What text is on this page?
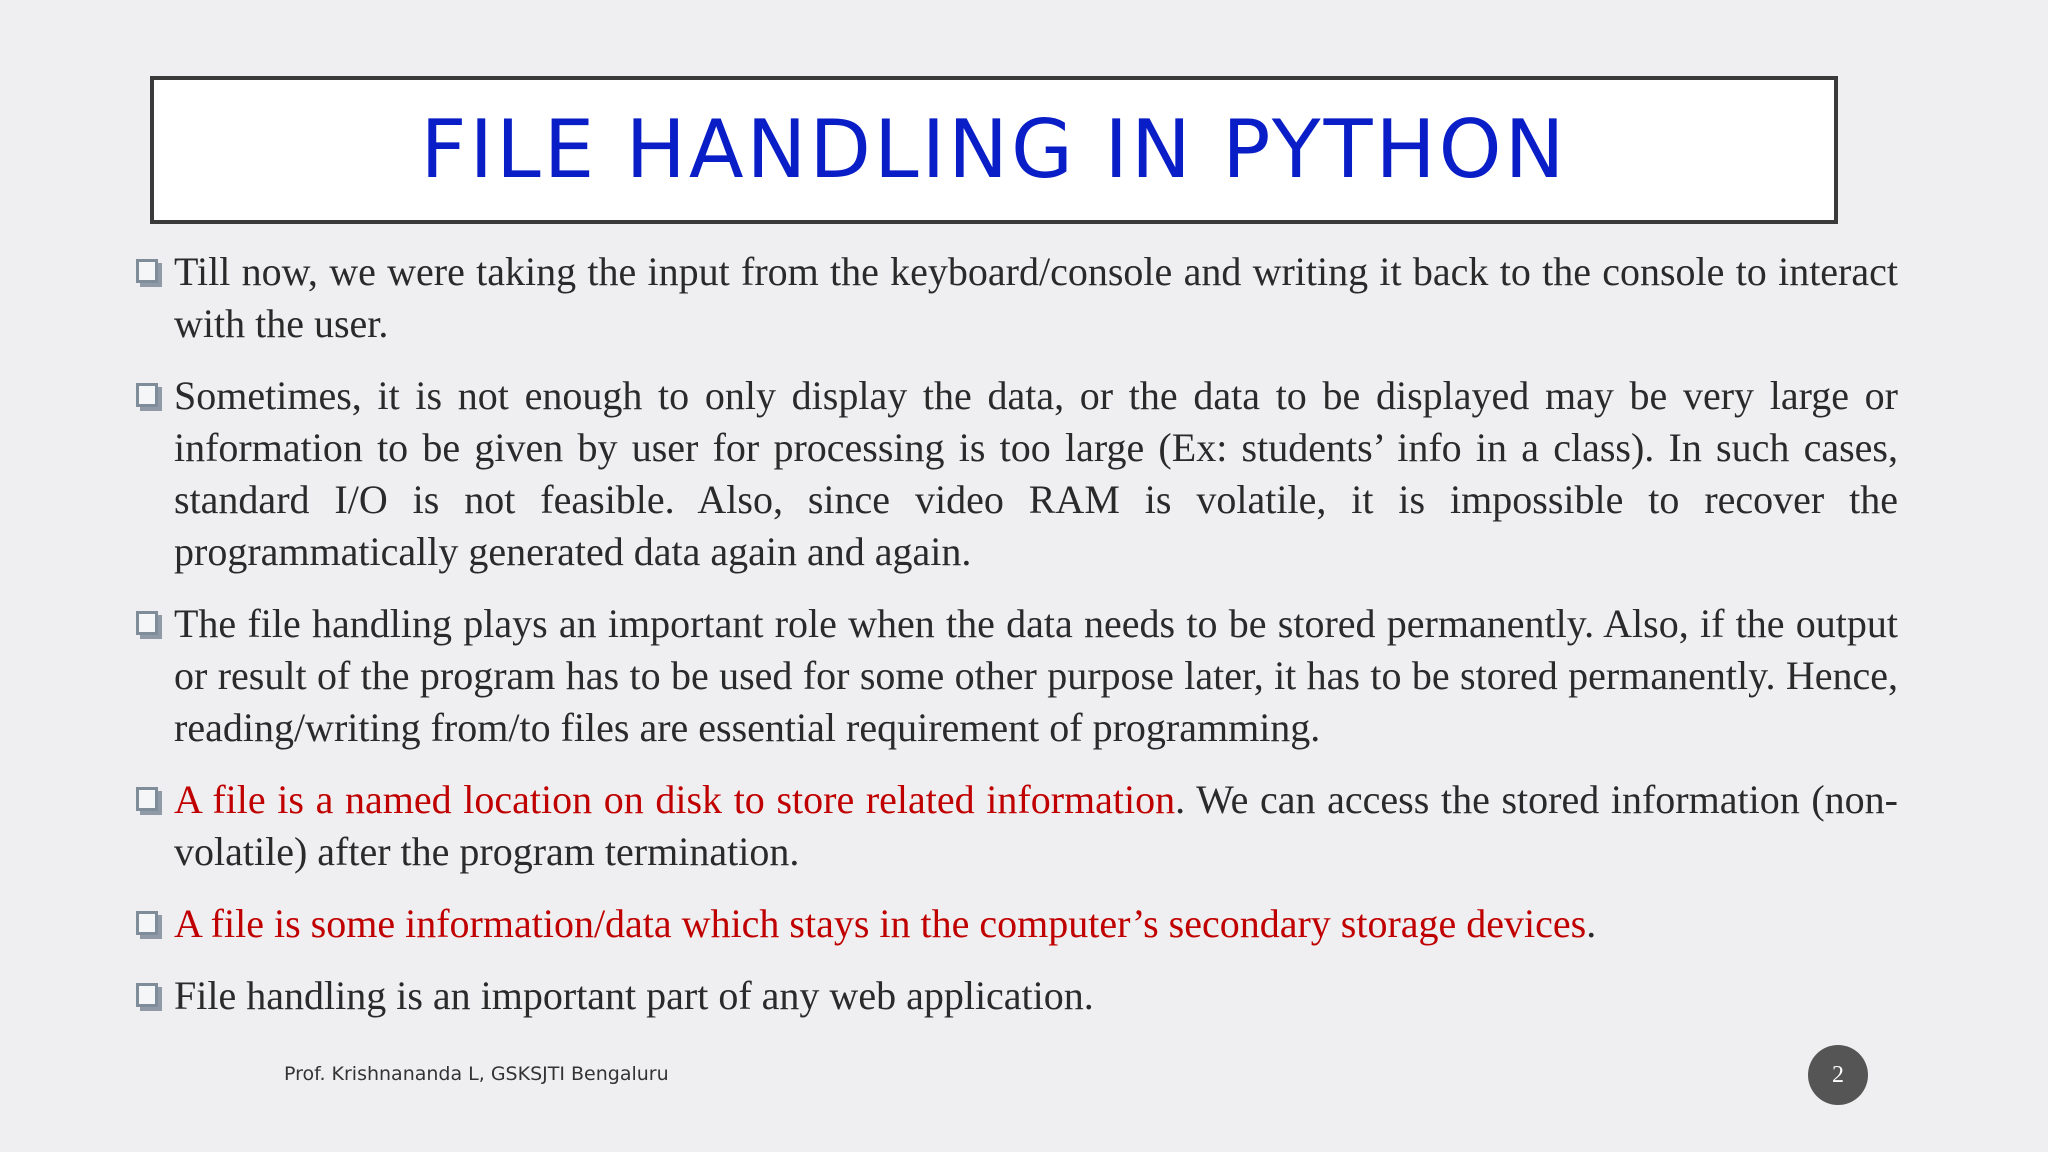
FILE HANDLING IN PYTHON
Till now, we were taking the input from the keyboard/console and writing it back to the console to interact with the user.
Sometimes, it is not enough to only display the data, or the data to be displayed may be very large or information to be given by user for processing is too large (Ex: students’ info in a class). In such cases, standard I/O is not feasible. Also, since video RAM is volatile, it is impossible to recover the programmatically generated data again and again.
The file handling plays an important role when the data needs to be stored permanently. Also, if the output or result of the program has to be used for some other purpose later, it has to be stored permanently. Hence, reading/writing from/to files are essential requirement of programming.
A file is a named location on disk to store related information. We can access the stored information (non-volatile) after the program termination.
A file is some information/data which stays in the computer’s secondary storage devices.
File handling is an important part of any web application.
Prof. Krishnananda L, GSKSJTI Bengaluru	2
